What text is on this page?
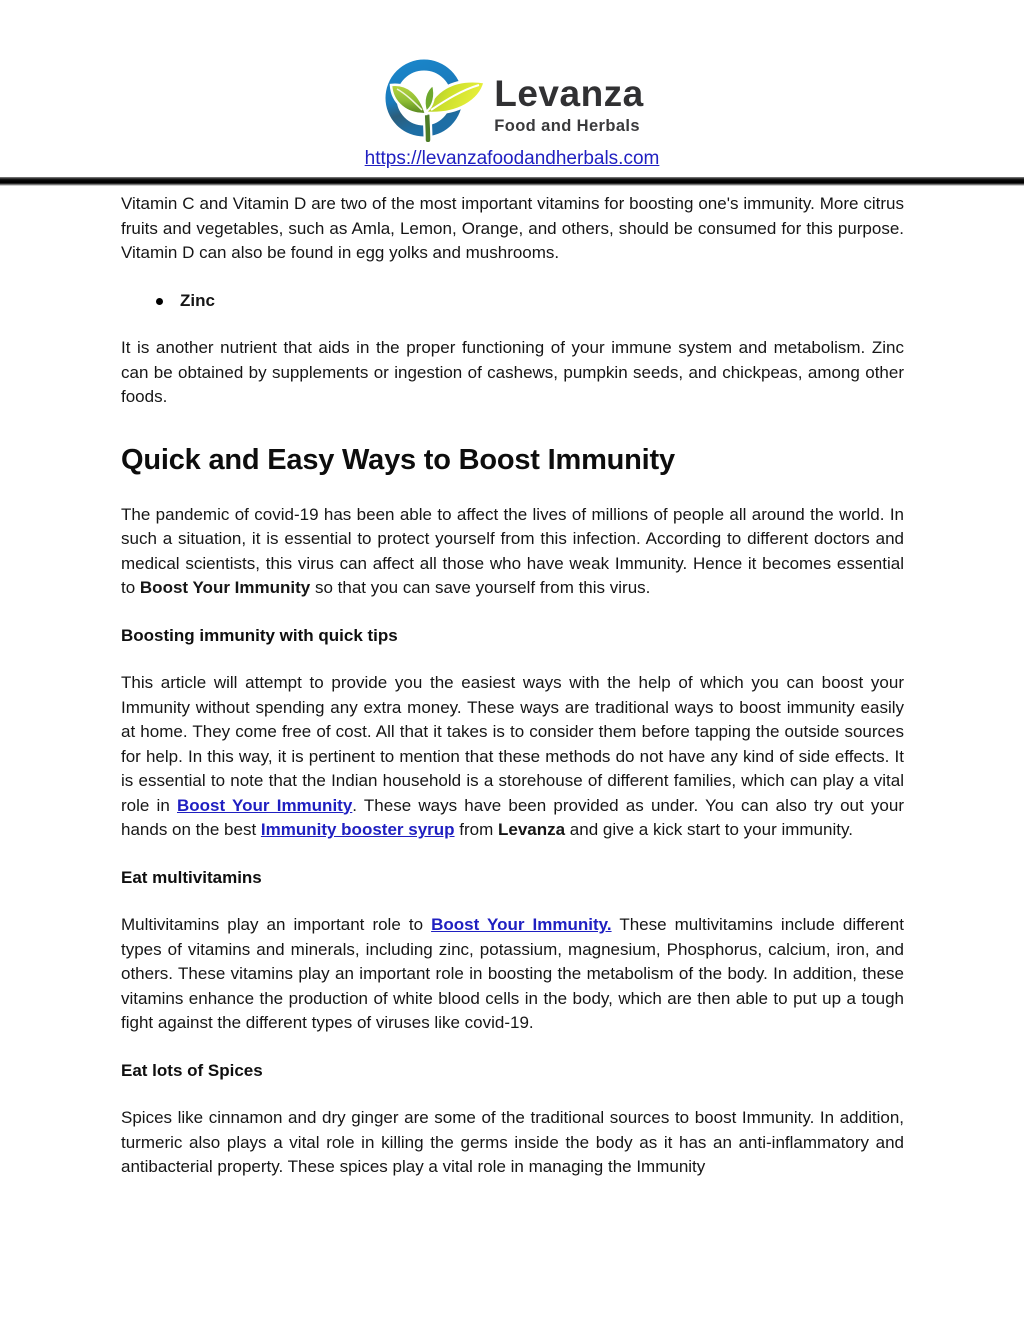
Levanza
Food and Herbals
https://levanzafoodandherbals.com

Vitamin C and Vitamin D are two of the most important vitamins for boosting one's immunity. More citrus fruits and vegetables, such as Amla, Lemon, Orange, and others, should be consumed for this purpose. Vitamin D can also be found in egg yolks and mushrooms.

Zinc

It is another nutrient that aids in the proper functioning of your immune system and metabolism. Zinc can be obtained by supplements or ingestion of cashews, pumpkin seeds, and chickpeas, among other foods.

Quick and Easy Ways to Boost Immunity

The pandemic of covid-19 has been able to affect the lives of millions of people all around the world. In such a situation, it is essential to protect yourself from this infection. According to different doctors and medical scientists, this virus can affect all those who have weak Immunity. Hence it becomes essential to Boost Your Immunity so that you can save yourself from this virus.

Boosting immunity with quick tips

This article will attempt to provide you the easiest ways with the help of which you can boost your Immunity without spending any extra money. These ways are traditional ways to boost immunity easily at home. They come free of cost. All that it takes is to consider them before tapping the outside sources for help. In this way, it is pertinent to mention that these methods do not have any kind of side effects. It is essential to note that the Indian household is a storehouse of different families, which can play a vital role in Boost Your Immunity. These ways have been provided as under. You can also try out your hands on the best Immunity booster syrup from Levanza and give a kick start to your immunity.

Eat multivitamins

Multivitamins play an important role to Boost Your Immunity. These multivitamins include different types of vitamins and minerals, including zinc, potassium, magnesium, Phosphorus, calcium, iron, and others. These vitamins play an important role in boosting the metabolism of the body. In addition, these vitamins enhance the production of white blood cells in the body, which are then able to put up a tough fight against the different types of viruses like covid-19.

Eat lots of Spices

Spices like cinnamon and dry ginger are some of the traditional sources to boost Immunity. In addition, turmeric also plays a vital role in killing the germs inside the body as it has an anti-inflammatory and antibacterial property. These spices play a vital role in managing the Immunity
